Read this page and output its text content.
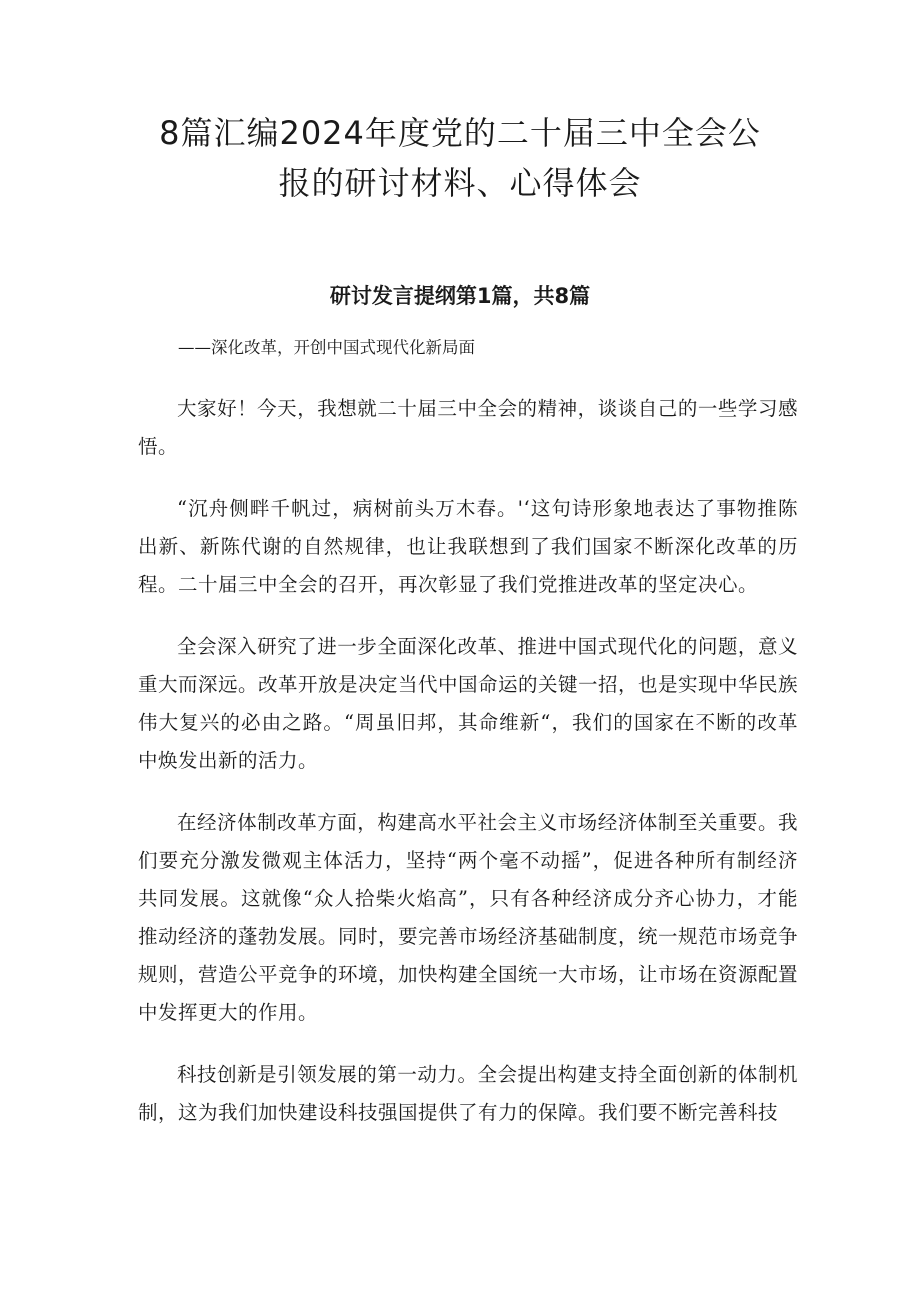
8篇汇编2024年度党的二十届三中全会公
报的研讨材料、心得体会
研讨发言提纲第1篇，共8篇

——深化改革，开创中国式现代化新局面

大家好！今天，我想就二十届三中全会的精神，谈谈自己的一些学习感悟。

“沉舟侧畔千帆过，病树前头万木春。'‘这句诗形象地表达了事物推陈出新、新陈代谢的自然规律，也让我联想到了我们国家不断深化改革的历程。二十届三中全会的召开，再次彰显了我们党推进改革的坚定决心。

全会深入研究了进一步全面深化改革、推进中国式现代化的问题，意义重大而深远。改革开放是决定当代中国命运的关键一招，也是实现中华民族伟大复兴的必由之路。“周虽旧邦，其命维新“，我们的国家在不断的改革中焕发出新的活力。

在经济体制改革方面，构建高水平社会主义市场经济体制至关重要。我们要充分激发微观主体活力，坚持“两个毫不动摇”，促进各种所有制经济共同发展。这就像“众人拾柴火焰高”，只有各种经济成分齐心协力，才能推动经济的蓬勃发展。同时，要完善市场经济基础制度，统一规范市场竞争规则，营造公平竞争的环境，加快构建全国统一大市场，让市场在资源配置中发挥更大的作用。

科技创新是引领发展的第一动力。全会提出构建支持全面创新的体制机制，这为我们加快建设科技强国提供了有力的保障。我们要不断完善科技
